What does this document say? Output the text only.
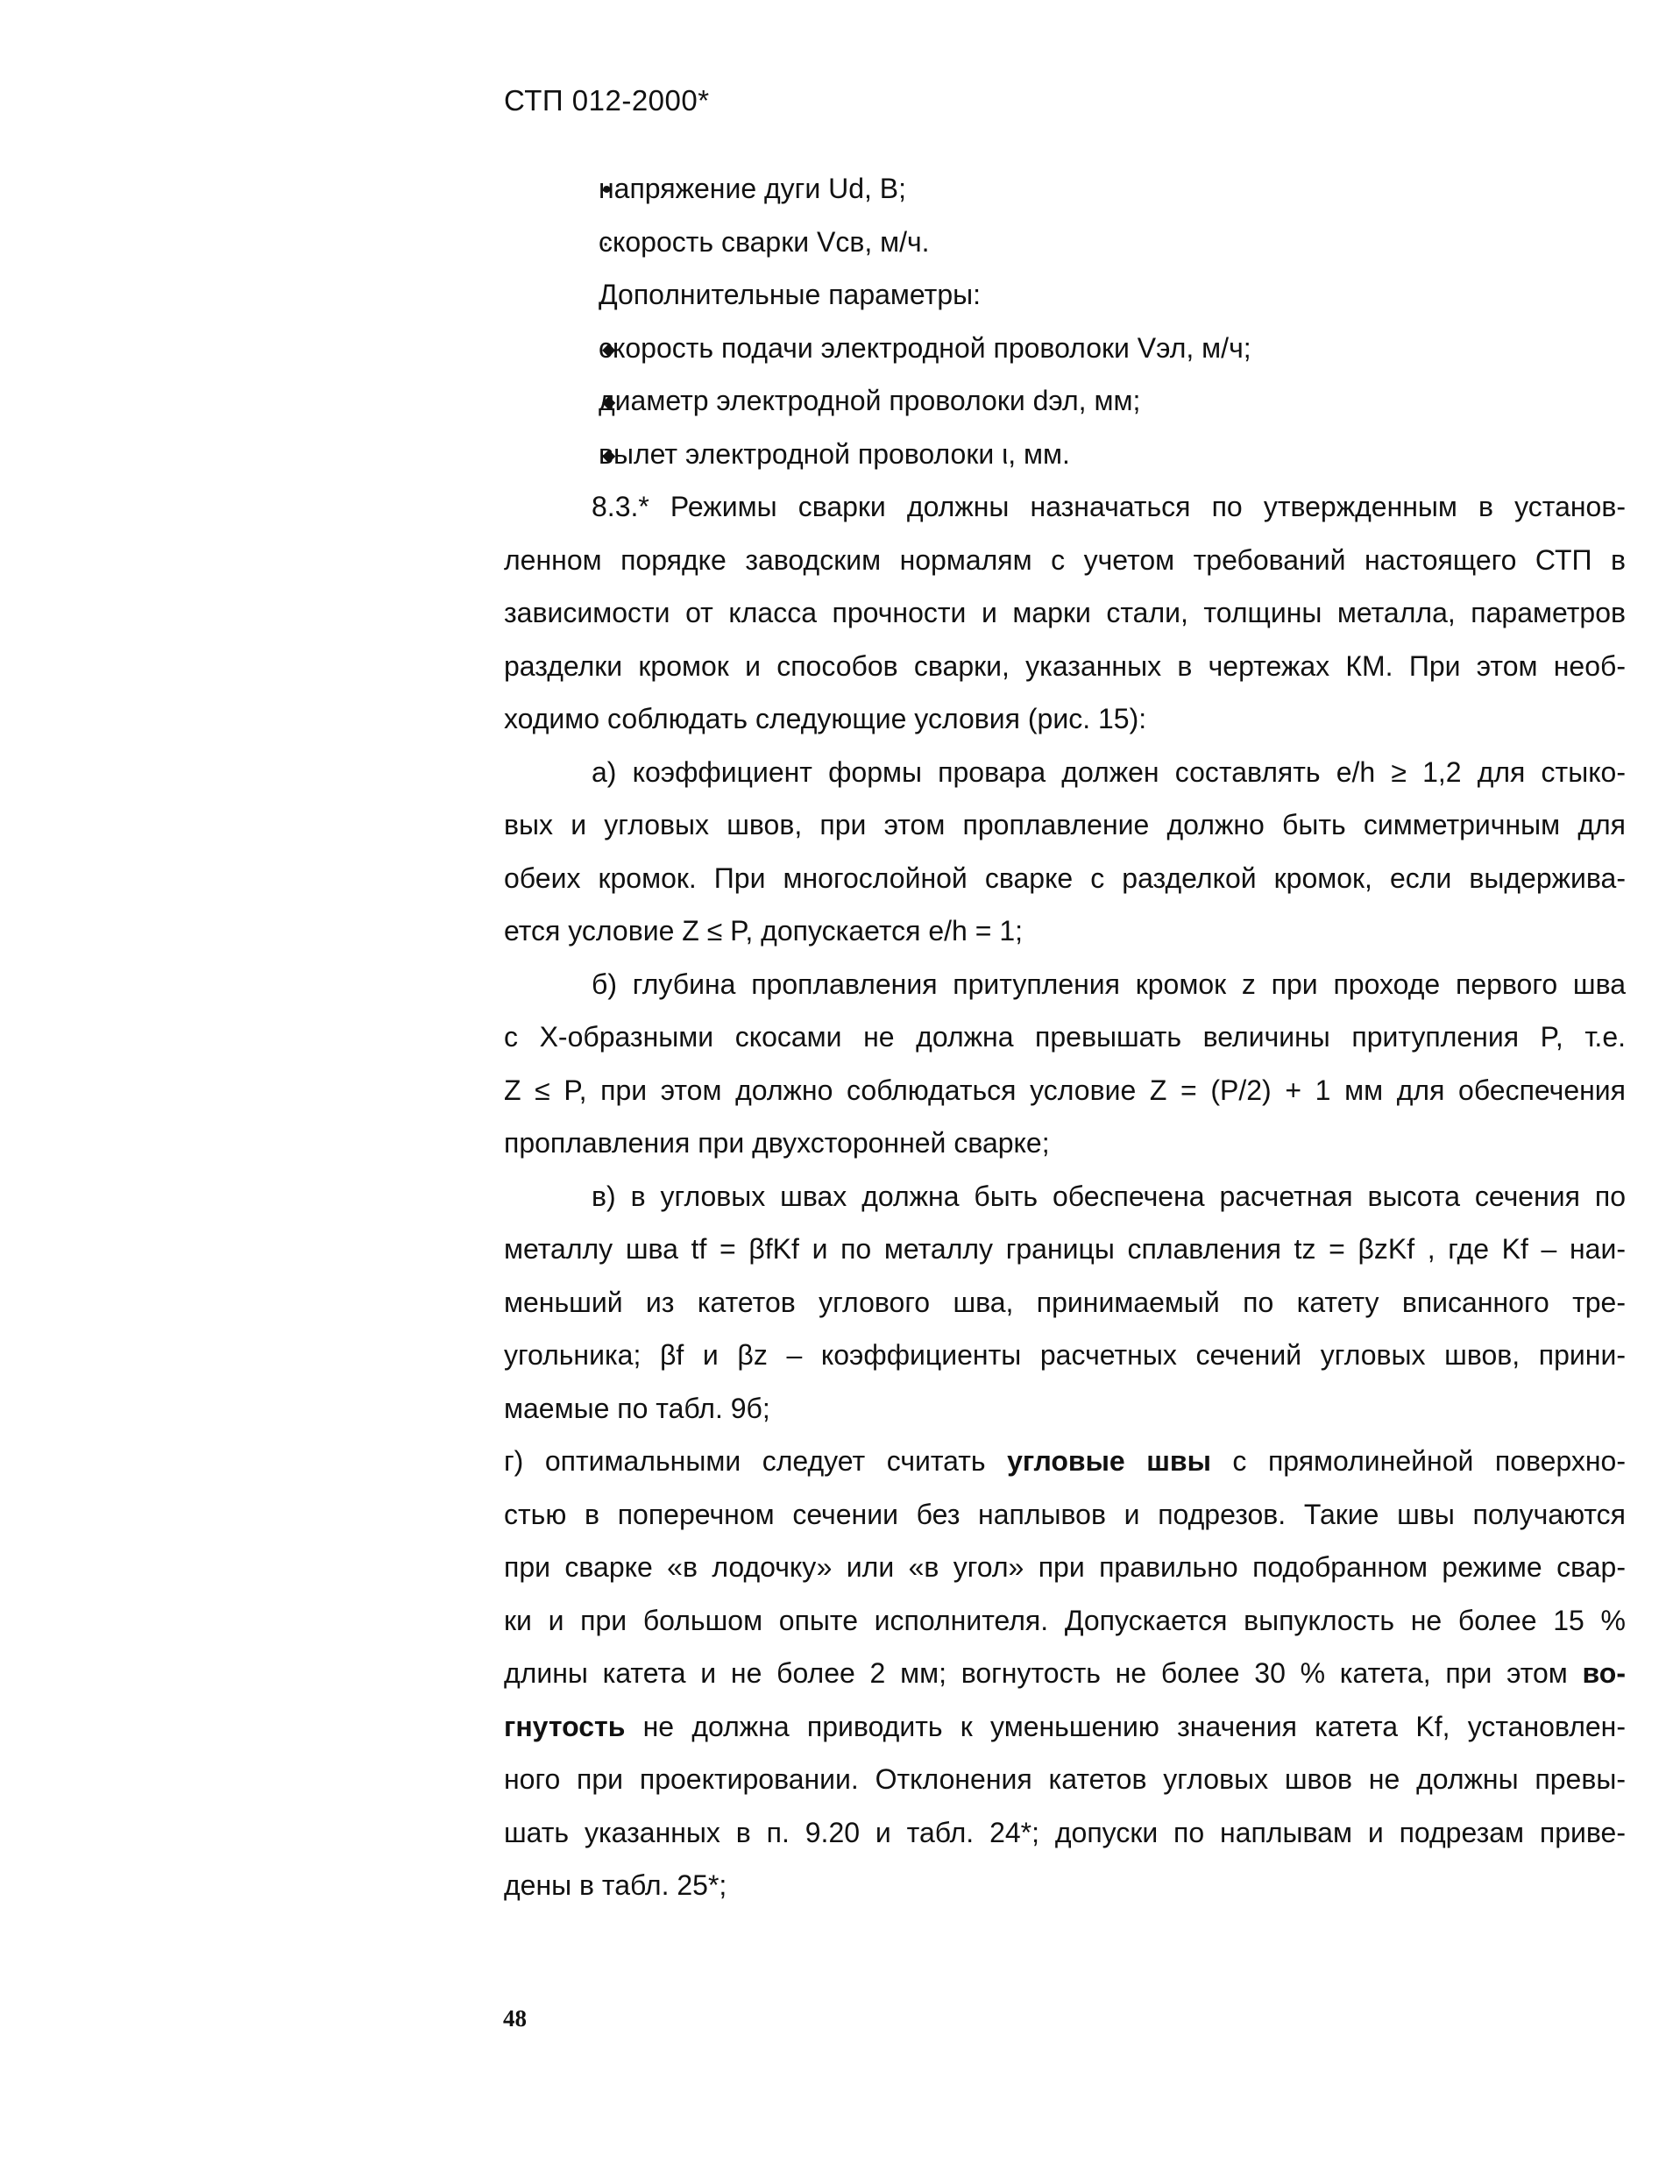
СТП 012-2000*
•
напряжение дуги Ud, В;
∙
скорость сварки Vсв, м/ч.
Дополнительные параметры:
◆
скорость подачи электродной проволоки Vэл, м/ч;
◆
диаметр электродной проволоки dэл, мм;
◆
вылет электродной проволоки ι, мм.
8.3.* Режимы сварки должны назначаться по утвержденным в установ-
ленном порядке заводским нормалям с учетом требований настоящего СТП в
зависимости от класса прочности и марки стали, толщины металла, параметров
разделки кромок и способов сварки, указанных в чертежах КМ. При этом необ-
ходимо соблюдать следующие условия (рис. 15):
а) коэффициент формы провара должен составлять e/h ≥ 1,2 для стыко-
вых и угловых швов, при этом проплавление должно быть симметричным для
обеих кромок. При многослойной сварке с разделкой кромок, если выдержива-
ется условие Z ≤ P, допускается e/h = 1;
б) глубина проплавления притупления кромок z при проходе первого шва
с Х-образными скосами не должна превышать величины притупления P, т.е.
Z ≤ P, при этом должно соблюдаться условие Z = (P/2) + 1 мм для обеспечения
проплавления при двухсторонней сварке;
в) в угловых швах должна быть обеспечена расчетная высота сечения по
металлу шва tf = βfKf и по металлу границы сплавления tz = βzKf , где Kf – наи-
меньший из катетов углового шва, принимаемый по катету вписанного тре-
угольника; βf и βz – коэффициенты расчетных сечений угловых швов, прини-
маемые по табл. 9б;
г) оптимальными следует считать угловые швы с прямолинейной поверхно-
стью в поперечном сечении без наплывов и подрезов. Такие швы получаются
при сварке «в лодочку» или «в угол» при правильно подобранном режиме свар-
ки и при большом опыте исполнителя. Допускается выпуклость не более 15 %
длины катета и не более 2 мм; вогнутость не более 30 % катета, при этом во-
гнутость не должна приводить к уменьшению значения катета Kf, установлен-
ного при проектировании. Отклонения катетов угловых швов не должны превы-
шать указанных в п. 9.20 и табл. 24*; допуски по наплывам и подрезам приве-
дены в табл. 25*;
48
